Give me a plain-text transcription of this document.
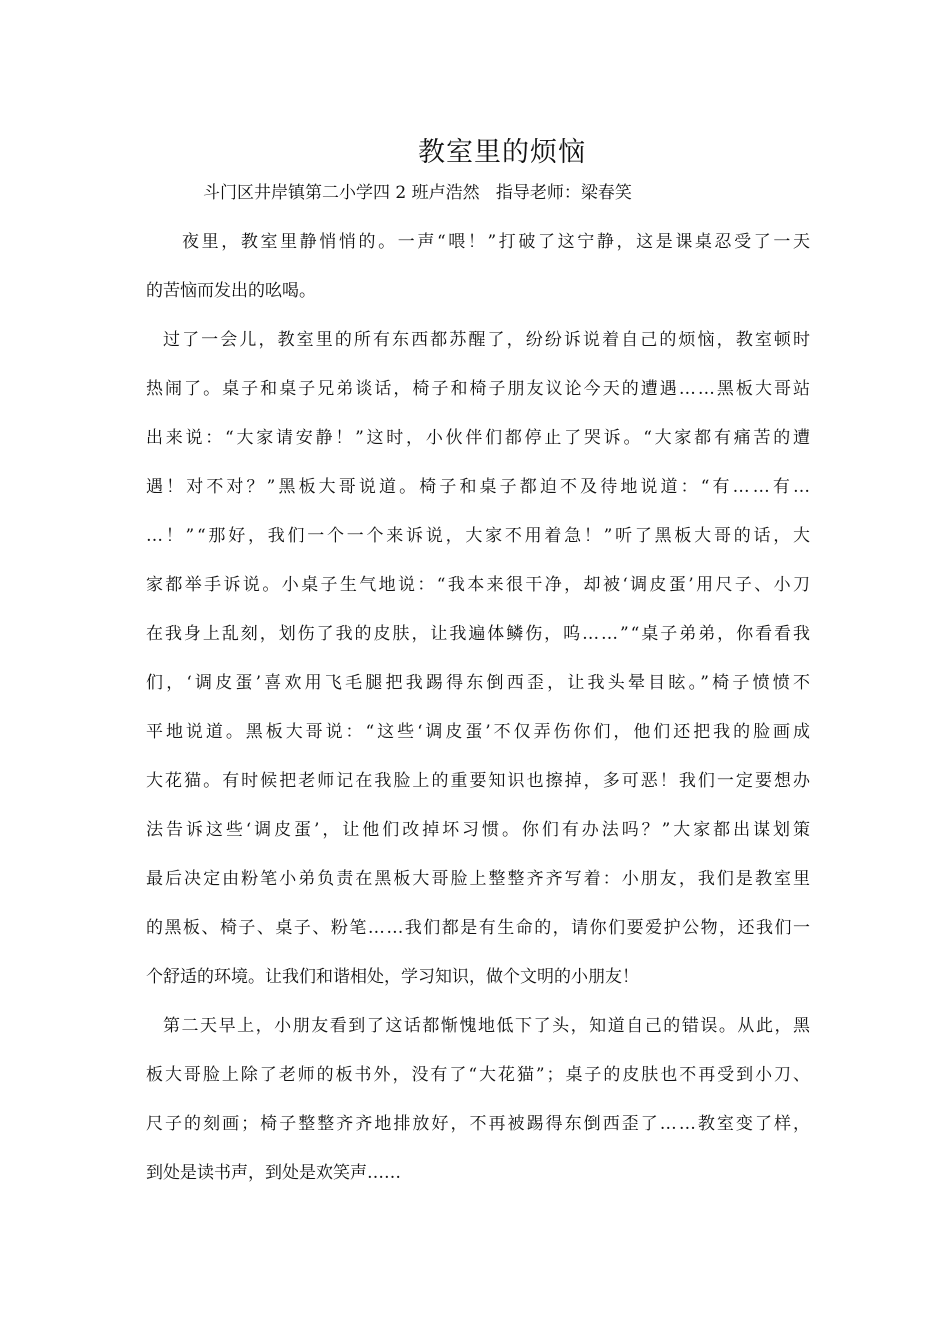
教室里的烦恼
斗门区井岸镇第二小学四 2 班卢浩然   指导老师：梁春笑
夜里，教室里静悄悄的。一声“喂！”打破了这宁静，这是课桌忍受了一天
的苦恼而发出的吆喝。
过了一会儿，教室里的所有东西都苏醒了，纷纷诉说着自己的烦恼，教室顿时
热闹了。桌子和桌子兄弟谈话，椅子和椅子朋友议论今天的遭遇……黑板大哥站
出来说：“大家请安静！”这时，小伙伴们都停止了哭诉。“大家都有痛苦的遭
遇！对不对？”黑板大哥说道。椅子和桌子都迫不及待地说道：“有……有…
…！”“那好，我们一个一个来诉说，大家不用着急！”听了黑板大哥的话，大
家都举手诉说。小桌子生气地说：“我本来很干净，却被‘调皮蛋’用尺子、小刀
在我身上乱刻，划伤了我的皮肤，让我遍体鳞伤，呜……”“桌子弟弟，你看看我
们，‘调皮蛋’喜欢用飞毛腿把我踢得东倒西歪，让我头晕目眩。”椅子愤愤不
平地说道。黑板大哥说：“这些‘调皮蛋’不仅弄伤你们，他们还把我的脸画成
大花猫。有时候把老师记在我脸上的重要知识也擦掉，多可恶！我们一定要想办
法告诉这些‘调皮蛋’，让他们改掉坏习惯。你们有办法吗？”大家都出谋划策
最后决定由粉笔小弟负责在黑板大哥脸上整整齐齐写着：小朋友，我们是教室里
的黑板、椅子、桌子、粉笔……我们都是有生命的，请你们要爱护公物，还我们一
个舒适的环境。让我们和谐相处，学习知识，做个文明的小朋友！
第二天早上，小朋友看到了这话都惭愧地低下了头，知道自己的错误。从此，黑
板大哥脸上除了老师的板书外，没有了“大花猫”；桌子的皮肤也不再受到小刀、
尺子的刻画；椅子整整齐齐地排放好，不再被踢得东倒西歪了……教室变了样，
到处是读书声，到处是欢笑声……
